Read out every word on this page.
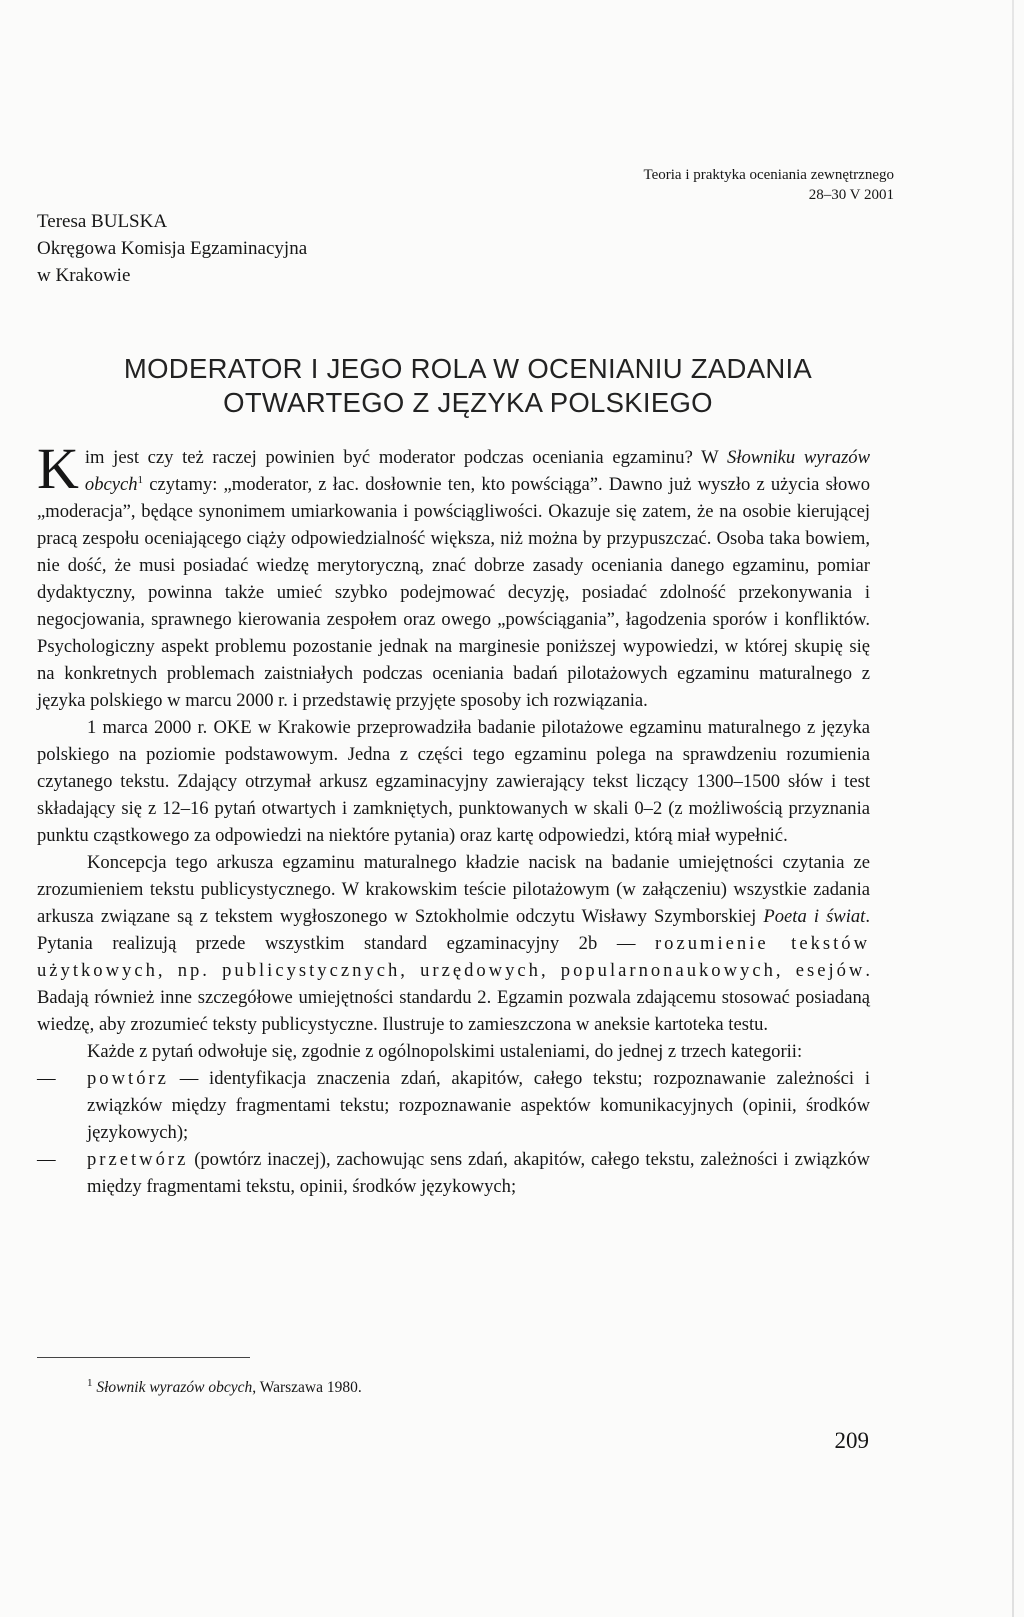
Teoria i praktyka oceniania zewnętrznego
28–30 V 2001
Teresa BULSKA
Okręgowa Komisja Egzaminacyjna
w Krakowie
MODERATOR I JEGO ROLA W OCENIANIU ZADANIA
OTWARTEGO Z JĘZYKA POLSKIEGO

Kim jest czy też raczej powinien być moderator podczas oceniania egzaminu? W Słowniku wyrazów obcych$^1$ czytamy: „moderator, z łac. dosłownie ten, kto powściąga”. Dawno już wyszło z użycia słowo „moderacja”, będące synonimem umiarkowania i powściągliwości. Okazuje się zatem, że na osobie kierującej pracą zespołu oceniającego ciąży odpowiedzialność większa, niż można by przypuszczać. Osoba taka bowiem, nie dość, że musi posiadać wiedzę merytoryczną, znać dobrze zasady oceniania danego egzaminu, pomiar dydaktyczny, powinna także umieć szybko podejmować decyzję, posiadać zdolność przekonywania i negocjowania, sprawnego kierowania zespołem oraz owego „powściągania”, łagodzenia sporów i konfliktów. Psychologiczny aspekt problemu pozostanie jednak na marginesie poniższej wypowiedzi, w której skupię się na konkretnych problemach zaistniałych podczas oceniania badań pilotażowych egzaminu maturalnego z języka polskiego w marcu 2000 r. i przedstawię przyjęte sposoby ich rozwiązania.

1 marca 2000 r. OKE w Krakowie przeprowadziła badanie pilotażowe egzaminu maturalnego z języka polskiego na poziomie podstawowym. Jedna z części tego egzaminu polega na sprawdzeniu rozumienia czytanego tekstu. Zdający otrzymał arkusz egzaminacyjny zawierający tekst liczący 1300–1500 słów i test składający się z 12–16 pytań otwartych i zamkniętych, punktowanych w skali 0–2 (z możliwością przyznania punktu cząstkowego za odpowiedzi na niektóre pytania) oraz kartę odpowiedzi, którą miał wypełnić.

Koncepcja tego arkusza egzaminu maturalnego kładzie nacisk na badanie umiejętności czytania ze zrozumieniem tekstu publicystycznego. W krakowskim teście pilotażowym (w załączeniu) wszystkie zadania arkusza związane są z tekstem wygłoszonego w Sztokholmie odczytu Wisławy Szymborskiej Poeta i świat. Pytania realizują przede wszystkim standard egzaminacyjny 2b — rozumienie tekstów użytkowych, np. publicystycznych, urzędowych, popularnonaukowych, esejów. Badają również inne szczegółowe umiejętności standardu 2. Egzamin pozwala zdającemu stosować posiadaną wiedzę, aby zrozumieć teksty publicystyczne. Ilustruje to zamieszczona w aneksie kartoteka testu.

Każde z pytań odwołuje się, zgodnie z ogólnopolskimi ustaleniami, do jednej z trzech kategorii:

—	powtórz — identyfikacja znaczenia zdań, akapitów, całego tekstu; rozpoznawanie zależności i związków między fragmentami tekstu; rozpoznawanie aspektów komunikacyjnych (opinii, środków językowych);
—	przetwórz (powtórz inaczej), zachowując sens zdań, akapitów, całego tekstu, zależności i związków między fragmentami tekstu, opinii, środków językowych;
$^1$ Słownik wyrazów obcych, Warszawa 1980.
209
